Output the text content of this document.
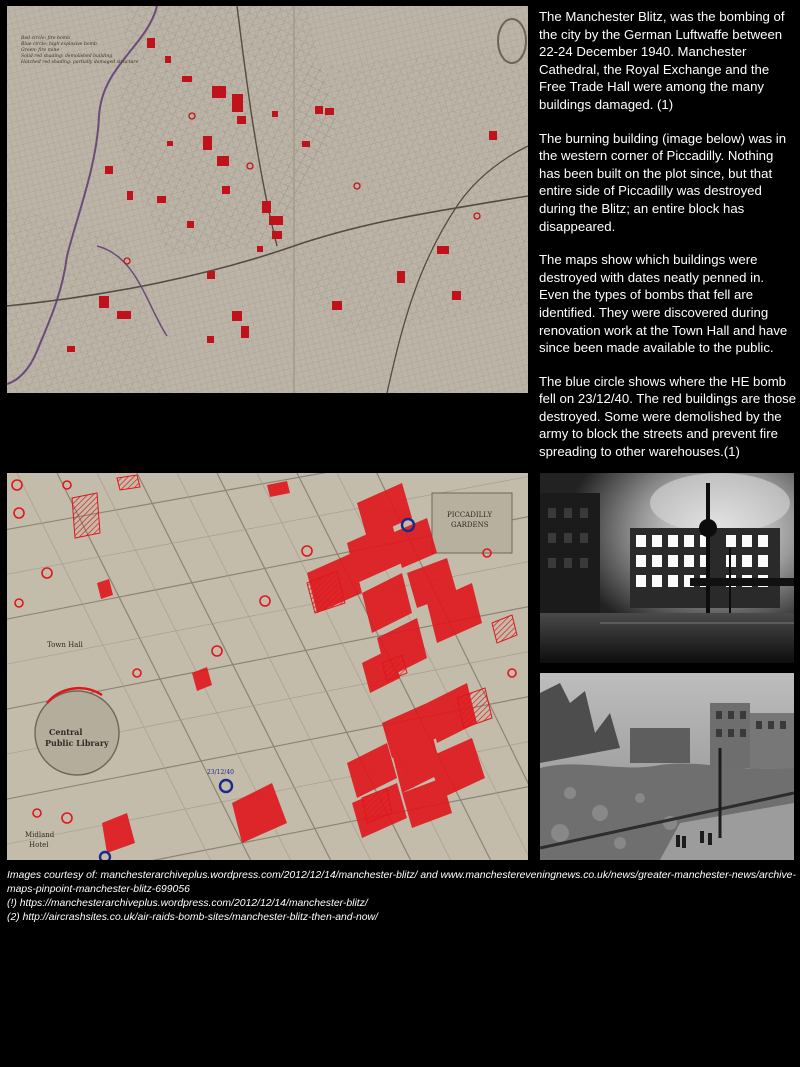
Red circle: fire bomb
Blue circle: high explosive bomb
Green: fire mine
Solid red shading: demolished building
Hatched red shading: partially damaged structure

The Manchester Blitz, was the bombing of the city by the German Luftwaffe between 22-24 December 1940. Manchester Cathedral, the Royal Exchange and the Free Trade Hall were among the many buildings damaged. (1)

The burning building (image below) was in the western corner of Piccadilly. Nothing has been built on the plot since, but that entire side of Piccadilly was destroyed during the Blitz; an entire block has disappeared.

The maps show which buildings were destroyed with dates neatly penned in. Even the types of bombs that fell are identified. They were discovered during renovation work at the Town Hall and have since been made available to the public.

The blue circle shows where the HE bomb fell on 23/12/40. The red buildings are those destroyed. Some were demolished by the army to block the streets and prevent fire spreading to other warehouses.(1)

Central
Public Library
Midland
Hotel
PICCADILLY
GARDENS
Town Hall
23/12/40
Images courtesy of: manchesterarchiveplus.wordpress.com/2012/12/14/manchester-blitz/ and www.manchestereveningnews.co.uk/news/greater-manchester-news/archive-maps-pinpoint-manchester-blitz-699056
(!) https://manchesterarchiveplus.wordpress.com/2012/12/14/manchester-blitz/
(2) http://aircrashsites.co.uk/air-raids-bomb-sites/manchester-blitz-then-and-now/
